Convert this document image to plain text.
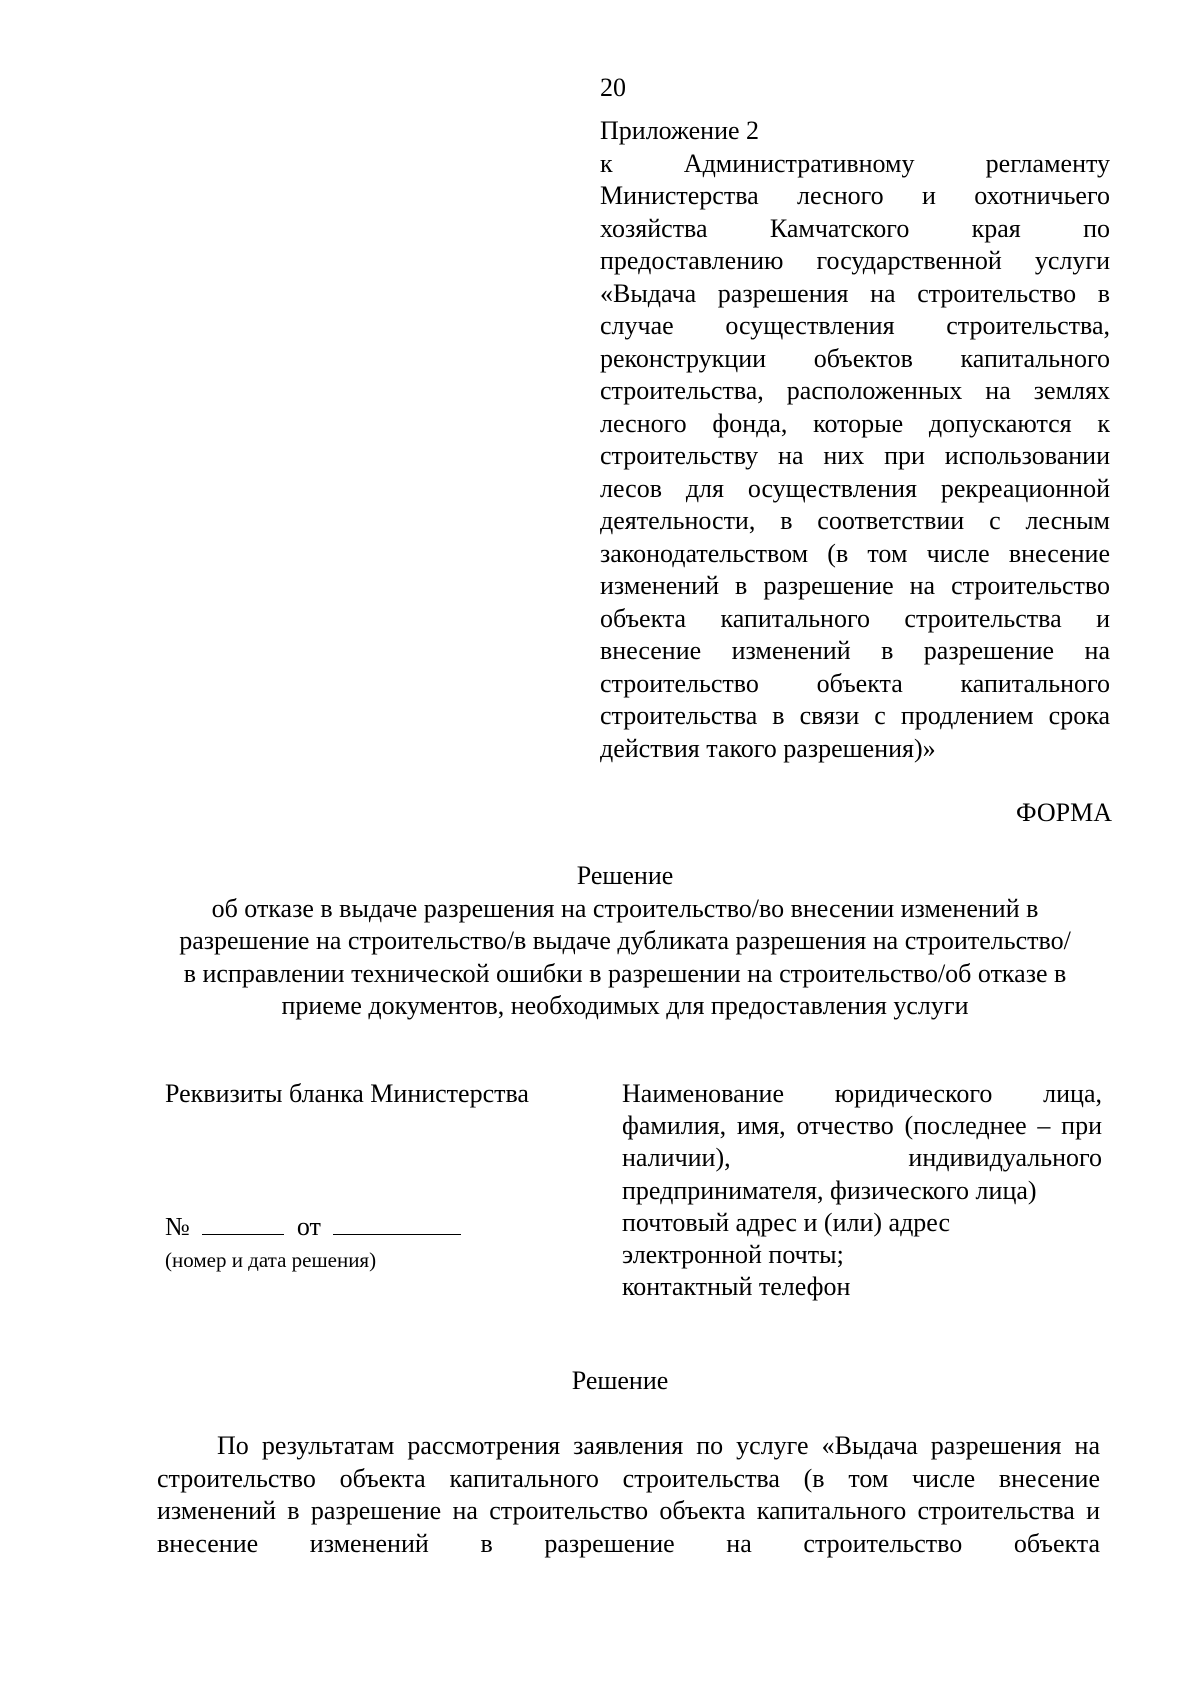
20
Приложение 2
к Административному регламенту Министерства лесного и охотничьего хозяйства Камчатского края по предоставлению государственной услуги «Выдача разрешения на строительство в случае осуществления строительства, реконструкции объектов капитального строительства, расположенных на землях лесного фонда, которые допускаются к строительству на них при использовании лесов для осуществления рекреационной деятельности, в соответствии с лесным законодательством (в том числе внесение изменений в разрешение на строительство объекта капитального строительства и внесение изменений в разрешение на строительство объекта капитального строительства в связи с продлением срока действия такого разрешения)»
ФОРМА
Решение
об отказе в выдаче разрешения на строительство/во внесении изменений в
разрешение на строительство/в выдаче дубликата разрешения на строительство/
в исправлении технической ошибки в разрешении на строительство/об отказе в
приеме документов, необходимых для предоставления услуги
Реквизиты бланка Министерства
№	от
(номер и дата решения)
Наименование юридического лица, фамилия, имя, отчество (последнее – при наличии), индивидуального предпринимателя, физического лица)
почтовый адрес и (или) адрес
электронной почты;
контактный телефон
Решение
По результатам рассмотрения заявления по услуге «Выдача разрешения на строительство объекта капитального строительства (в том числе внесение изменений в разрешение на строительство объекта капитального строительства и внесение изменений в разрешение на строительство объекта
